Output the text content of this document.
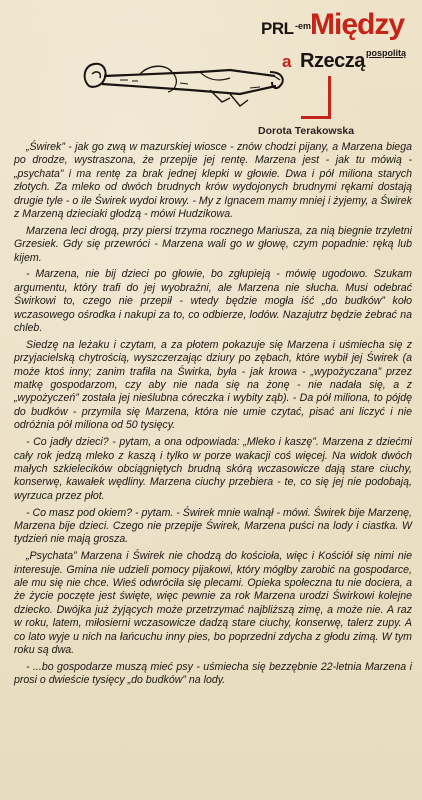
PRL -em
Między
a Rzeczą pospolitą
Dorota Terakowska

„Świrek” - jak go zwą w mazurskiej wiosce - znów chodzi pijany, a Marzena biega po drodze, wystraszona, że przepije jej rentę. Marzena jest - jak tu mówią - „psychata” i ma rentę za brak jednej klepki w głowie. Dwa i pół miliona starych złotych. Za mleko od dwóch brudnych krów wydojonych brudnymi rękami dostają drugie tyle - o ile Świrek wydoi krowy. - My z Ignacem mamy mniej i żyjemy, a Świrek z Marzeną dzieciaki głodzą - mówi Hudzikowa.

Marzena leci drogą, przy piersi trzyma rocznego Mariusza, za nią biegnie trzyletni Grzesiek. Gdy się przewróci - Marzena wali go w głowę, czym popadnie: ręką lub kijem.

- Marzena, nie bij dzieci po głowie, bo zgłupieją - mówię ugodowo. Szukam argumentu, który trafi do jej wyobraźni, ale Marzena nie słucha. Musi odebrać Świrkowi to, czego nie przepił - wtedy będzie mogła iść „do budków” koło wczasowego ośrodka i nakupi za to, co odbierze, lodów. Nazajutrz będzie żebrać na chleb.

Siedzę na leżaku i czytam, a za płotem pokazuje się Marzena i uśmiecha się z przyjacielską chytrością, wyszczerzając dziury po zębach, które wybił jej Świrek (a może ktoś inny; zanim trafiła na Świrka, była - jak krowa - „wypożyczana” przez matkę gospodarzom, czy aby nie nada się na żonę - nie nadała się, a z „wypożyczeń” została jej nieślubna córeczka i wybity ząb). - Da pół miliona, to pójdę do budków - przymila się Marzena, która nie umie czytać, pisać ani liczyć i nie odróżnia pół miliona od 50 tysięcy.

- Co jadły dzieci? - pytam, a ona odpowiada: „Mleko i kaszę”. Marzena z dziećmi cały rok jedzą mleko z kaszą i tylko w porze wakacji coś więcej. Na widok dwóch małych szkielecików obciągniętych brudną skórą wczasowicze dają stare ciuchy, konserwę, kawałek wędliny. Marzena ciuchy przebiera - te, co się jej nie podobają, wyrzuca przez płot.

- Co masz pod okiem? - pytam. - Świrek mnie walnął - mówi. Świrek bije Marzenę, Marzena bije dzieci. Czego nie przepije Świrek, Marzena puści na lody i ciastka. W tydzień nie mają grosza.

„Psychata” Marzena i Świrek nie chodzą do kościoła, więc i Kościół się nimi nie interesuje. Gmina nie udzieli pomocy pijakowi, który mógłby zarobić na gospodarce, ale mu się nie chce. Wieś odwróciła się plecami. Opieka społeczna tu nie dociera, a że życie poczęte jest święte, więc pewnie za rok Marzena urodzi Świrkowi kolejne dziecko. Dwójka już żyjących może przetrzymać najbliższą zimę, a może nie. A raz w roku, latem, miłosierni wczasowicze dadzą stare ciuchy, konserwę, talerz zupy. A co lato wyje u nich na łańcuchu inny pies, bo poprzedni zdycha z głodu zimą. W tym roku są dwa.

- ...bo gospodarze muszą mieć psy - uśmiecha się bezzębnie 22-letnia Marzena i prosi o dwieście tysięcy „do budków” na lody.
